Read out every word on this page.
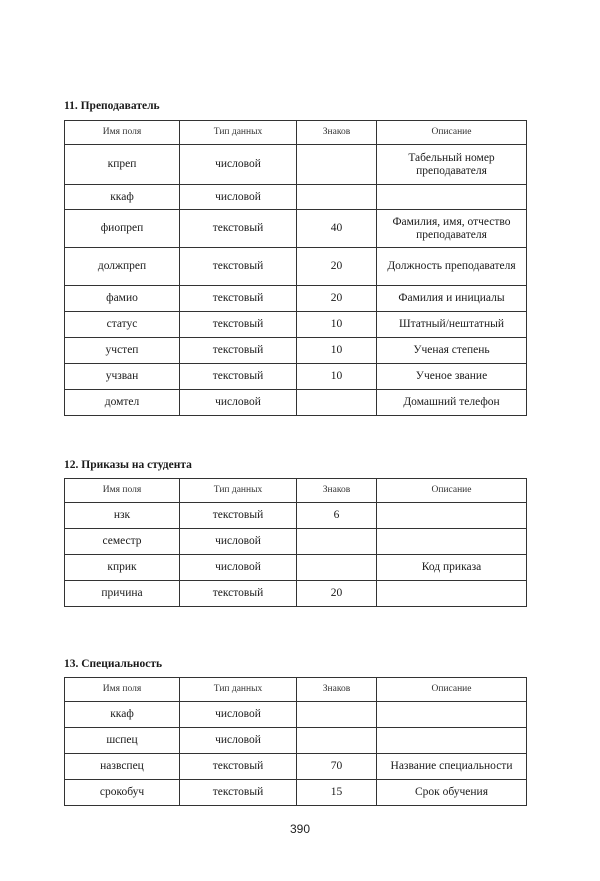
11. Преподаватель
Имя поля	Тип данных	Знаков	Описание
кпреп	числовой		Табельный номер преподавателя
ккаф	числовой		
фиопреп	текстовый	40	Фамилия, имя, отчество преподавателя
должпреп	текстовый	20	Должность преподавателя
фамио	текстовый	20	Фамилия и инициалы
статус	текстовый	10	Штатный/нештатный
учстеп	текстовый	10	Ученая степень
учзван	текстовый	10	Ученое звание
домтел	числовой		Домашний телефон
12. Приказы на студента
Имя поля	Тип данных	Знаков	Описание
нзк	текстовый	6	
семестр	числовой		
кприк	числовой		Код приказа
причина	текстовый	20	
13. Специальность
Имя поля	Тип данных	Знаков	Описание
ккаф	числовой		
шспец	числовой		
назвспец	текстовый	70	Название специальности
срокобуч	текстовый	15	Срок обучения
390
